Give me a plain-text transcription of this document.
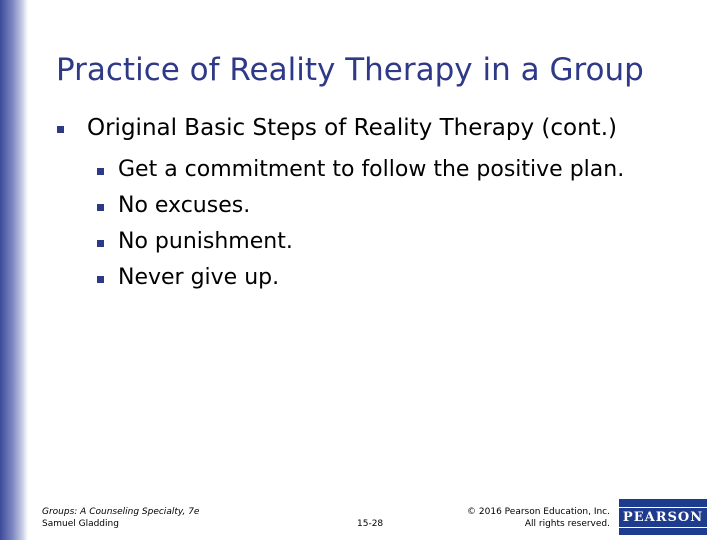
Practice of Reality Therapy in a Group
Original Basic Steps of Reality Therapy (cont.)
Get a commitment to follow the positive plan.
No excuses.
No punishment.
Never give up.
Groups: A Counseling Specialty, 7e
Samuel Gladding	15-28
© 2016 Pearson Education, Inc.
All rights reserved. PEARSON
